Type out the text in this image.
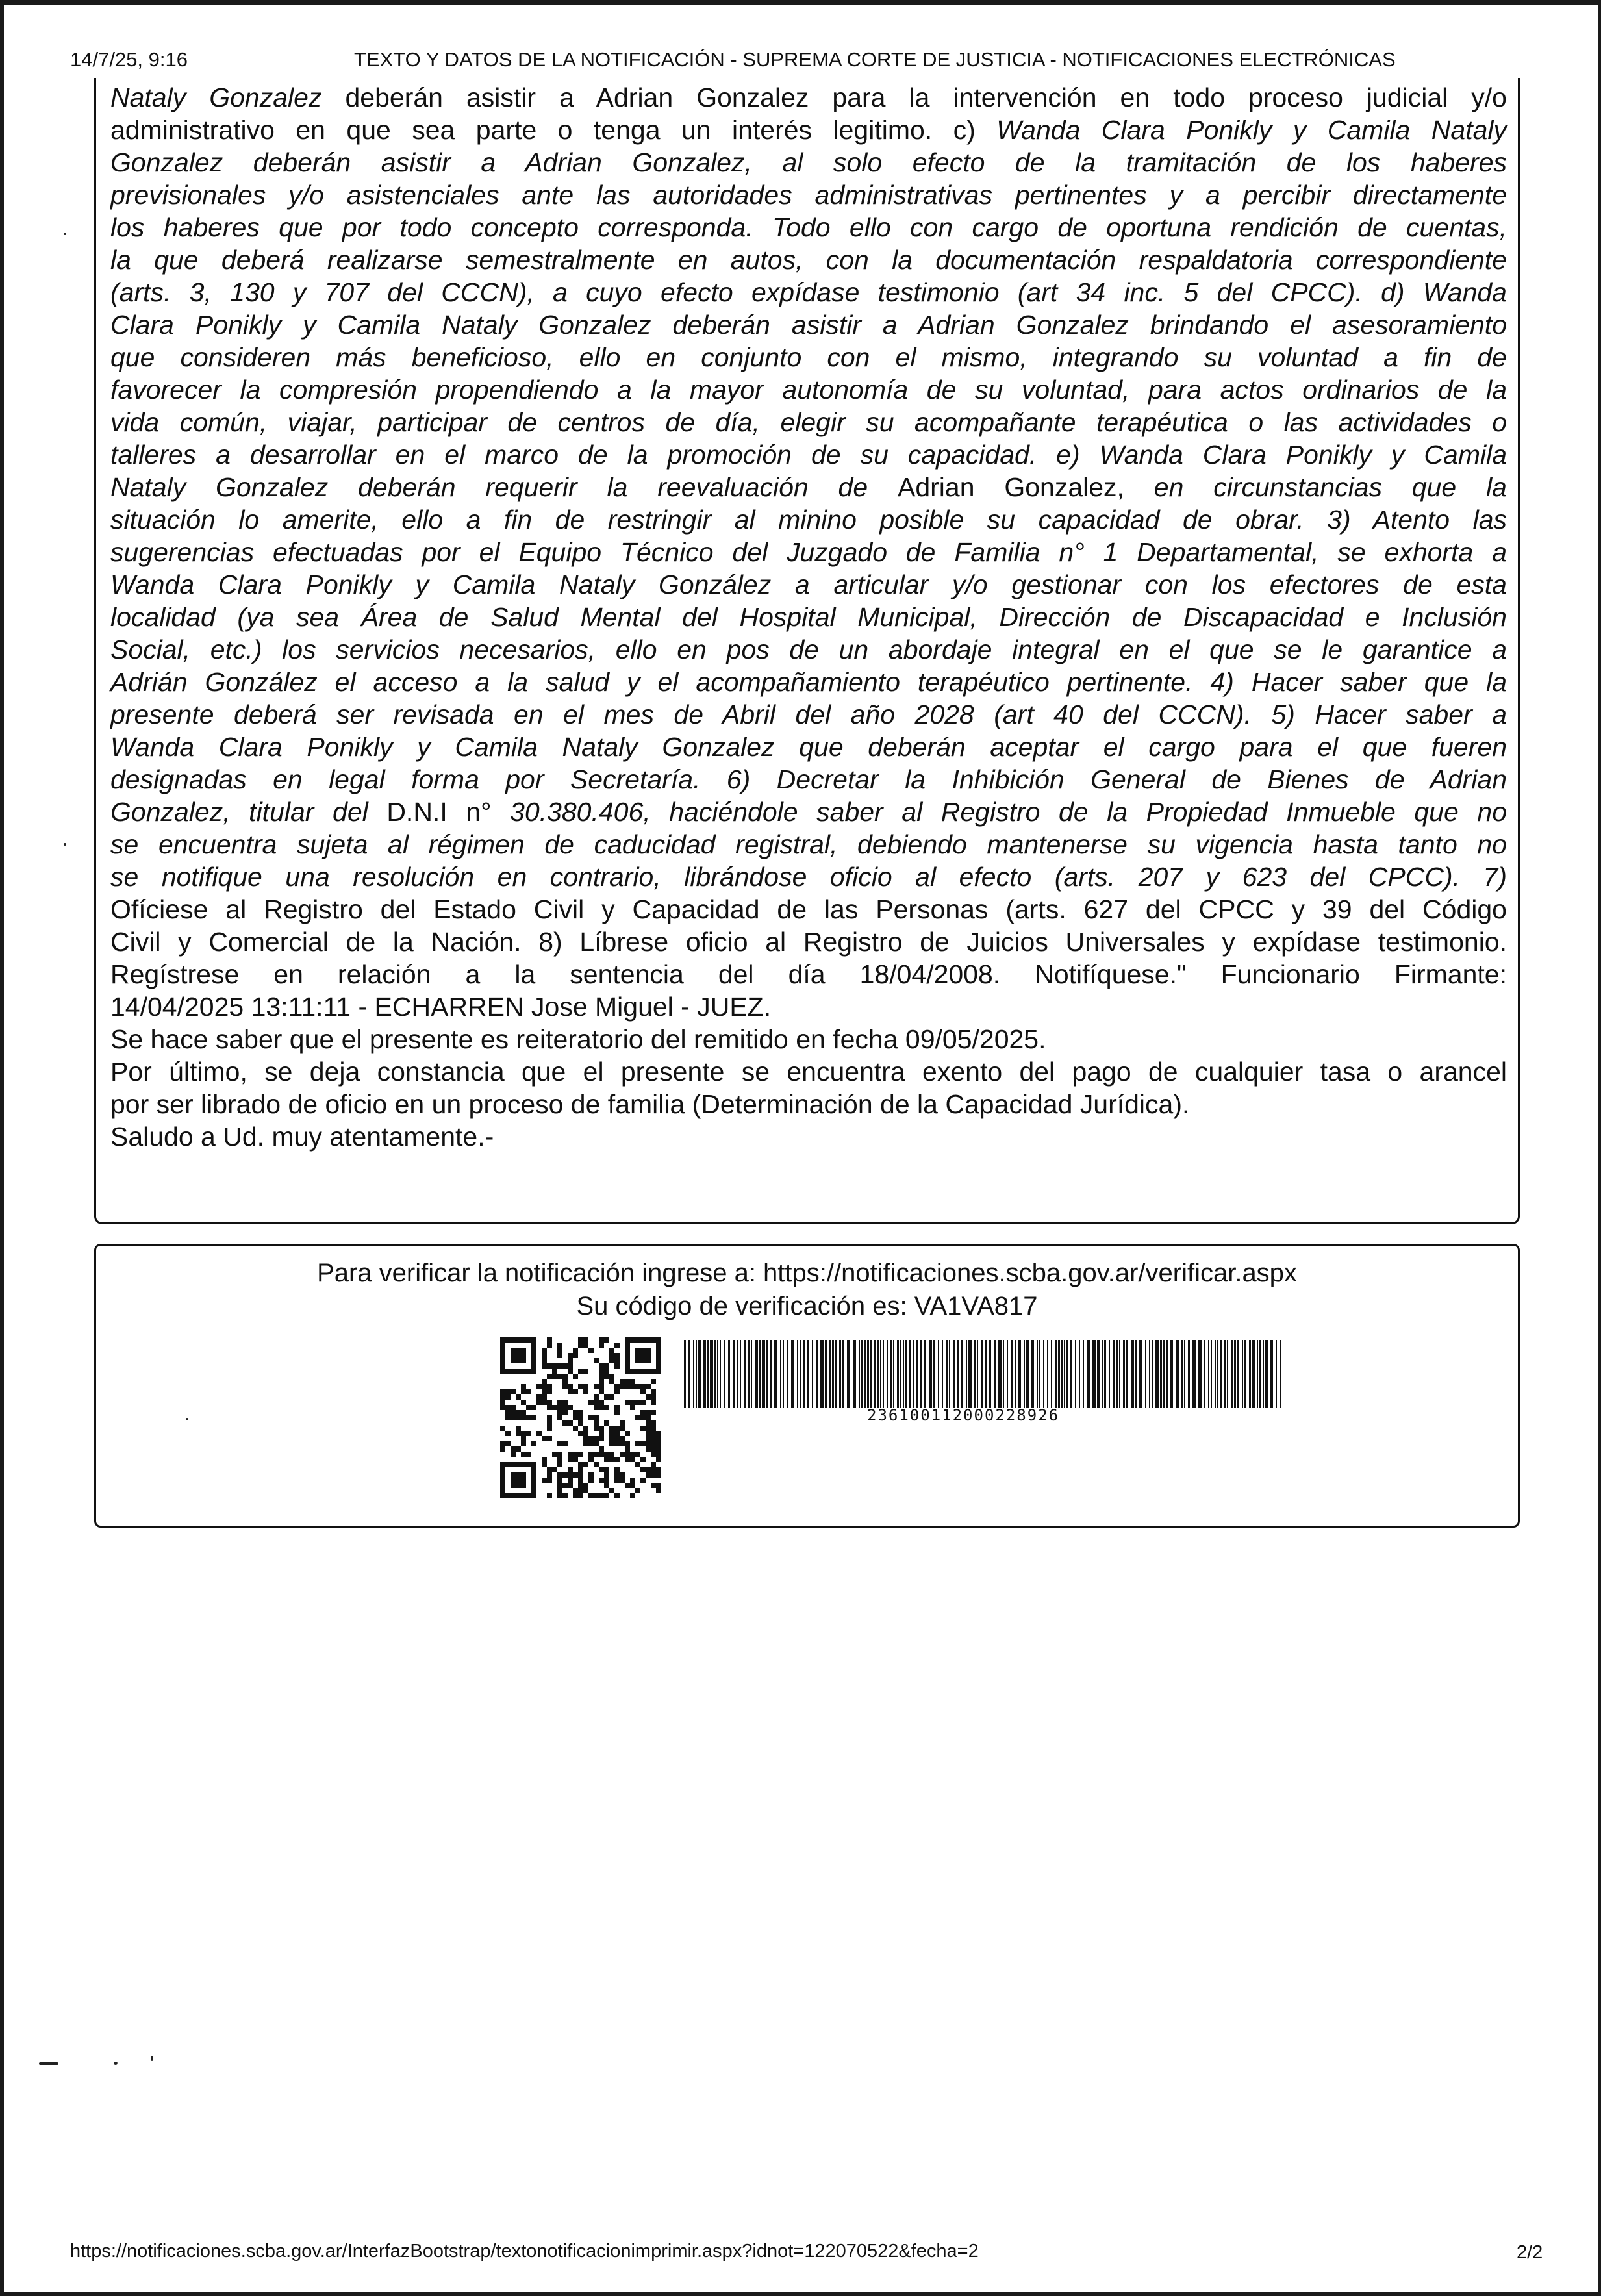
14/7/25, 9:16	TEXTO Y DATOS DE LA NOTIFICACIÓN - SUPREMA CORTE DE JUSTICIA - NOTIFICACIONES ELECTRÓNICAS
Nataly Gonzalez deberán asistir a Adrian Gonzalez para la intervención en todo proceso judicial y/o
administrativo en que sea parte o tenga un interés legitimo. c) Wanda Clara Ponikly y Camila Nataly
Gonzalez deberán asistir a Adrian Gonzalez, al solo efecto de la tramitación de los haberes
previsionales y/o asistenciales ante las autoridades administrativas pertinentes y a percibir directamente
los haberes que por todo concepto corresponda. Todo ello con cargo de oportuna rendición de cuentas,
la que deberá realizarse semestralmente en autos, con la documentación respaldatoria correspondiente
(arts. 3, 130 y 707 del CCCN), a cuyo efecto expídase testimonio (art 34 inc. 5 del CPCC). d) Wanda
Clara Ponikly y Camila Nataly Gonzalez deberán asistir a Adrian Gonzalez brindando el asesoramiento
que consideren más beneficioso, ello en conjunto con el mismo, integrando su voluntad a fin de
favorecer la compresión propendiendo a la mayor autonomía de su voluntad, para actos ordinarios de la
vida común, viajar, participar de centros de día, elegir su acompañante terapéutica o las actividades o
talleres a desarrollar en el marco de la promoción de su capacidad. e) Wanda Clara Ponikly y Camila
Nataly Gonzalez deberán requerir la reevaluación de Adrian Gonzalez, en circunstancias que la
situación lo amerite, ello a fin de restringir al minino posible su capacidad de obrar. 3) Atento las
sugerencias efectuadas por el Equipo Técnico del Juzgado de Familia n° 1 Departamental, se exhorta a
Wanda Clara Ponikly y Camila Nataly González a articular y/o gestionar con los efectores de esta
localidad (ya sea Área de Salud Mental del Hospital Municipal, Dirección de Discapacidad e Inclusión
Social, etc.) los servicios necesarios, ello en pos de un abordaje integral en el que se le garantice a
Adrián González el acceso a la salud y el acompañamiento terapéutico pertinente. 4) Hacer saber que la
presente deberá ser revisada en el mes de Abril del año 2028 (art 40 del CCCN). 5) Hacer saber a
Wanda Clara Ponikly y Camila Nataly Gonzalez que deberán aceptar el cargo para el que fueren
designadas en legal forma por Secretaría. 6) Decretar la Inhibición General de Bienes de Adrian
Gonzalez, titular del D.N.I n° 30.380.406, haciéndole saber al Registro de la Propiedad Inmueble que no
se encuentra sujeta al régimen de caducidad registral, debiendo mantenerse su vigencia hasta tanto no
se notifique una resolución en contrario, librándose oficio al efecto (arts. 207 y 623 del CPCC). 7)
Ofíciese al Registro del Estado Civil y Capacidad de las Personas (arts. 627 del CPCC y 39 del Código
Civil y Comercial de la Nación. 8) Líbrese oficio al Registro de Juicios Universales y expídase testimonio.
Regístrese en relación a la sentencia del día 18/04/2008. Notifíquese." Funcionario Firmante:
14/04/2025 13:11:11 - ECHARREN Jose Miguel - JUEZ.
Se hace saber que el presente es reiteratorio del remitido en fecha 09/05/2025.
Por último, se deja constancia que el presente se encuentra exento del pago de cualquier tasa o arancel
por ser librado de oficio en un proceso de familia (Determinación de la Capacidad Jurídica).
Saludo a Ud. muy atentamente.-
Para verificar la notificación ingrese a: https://notificaciones.scba.gov.ar/verificar.aspx
Su código de verificación es: VA1VA817
236100112000228926
https://notificaciones.scba.gov.ar/InterfazBootstrap/textonotificacionimprimir.aspx?idnot=122070522&fecha=2	2/2
